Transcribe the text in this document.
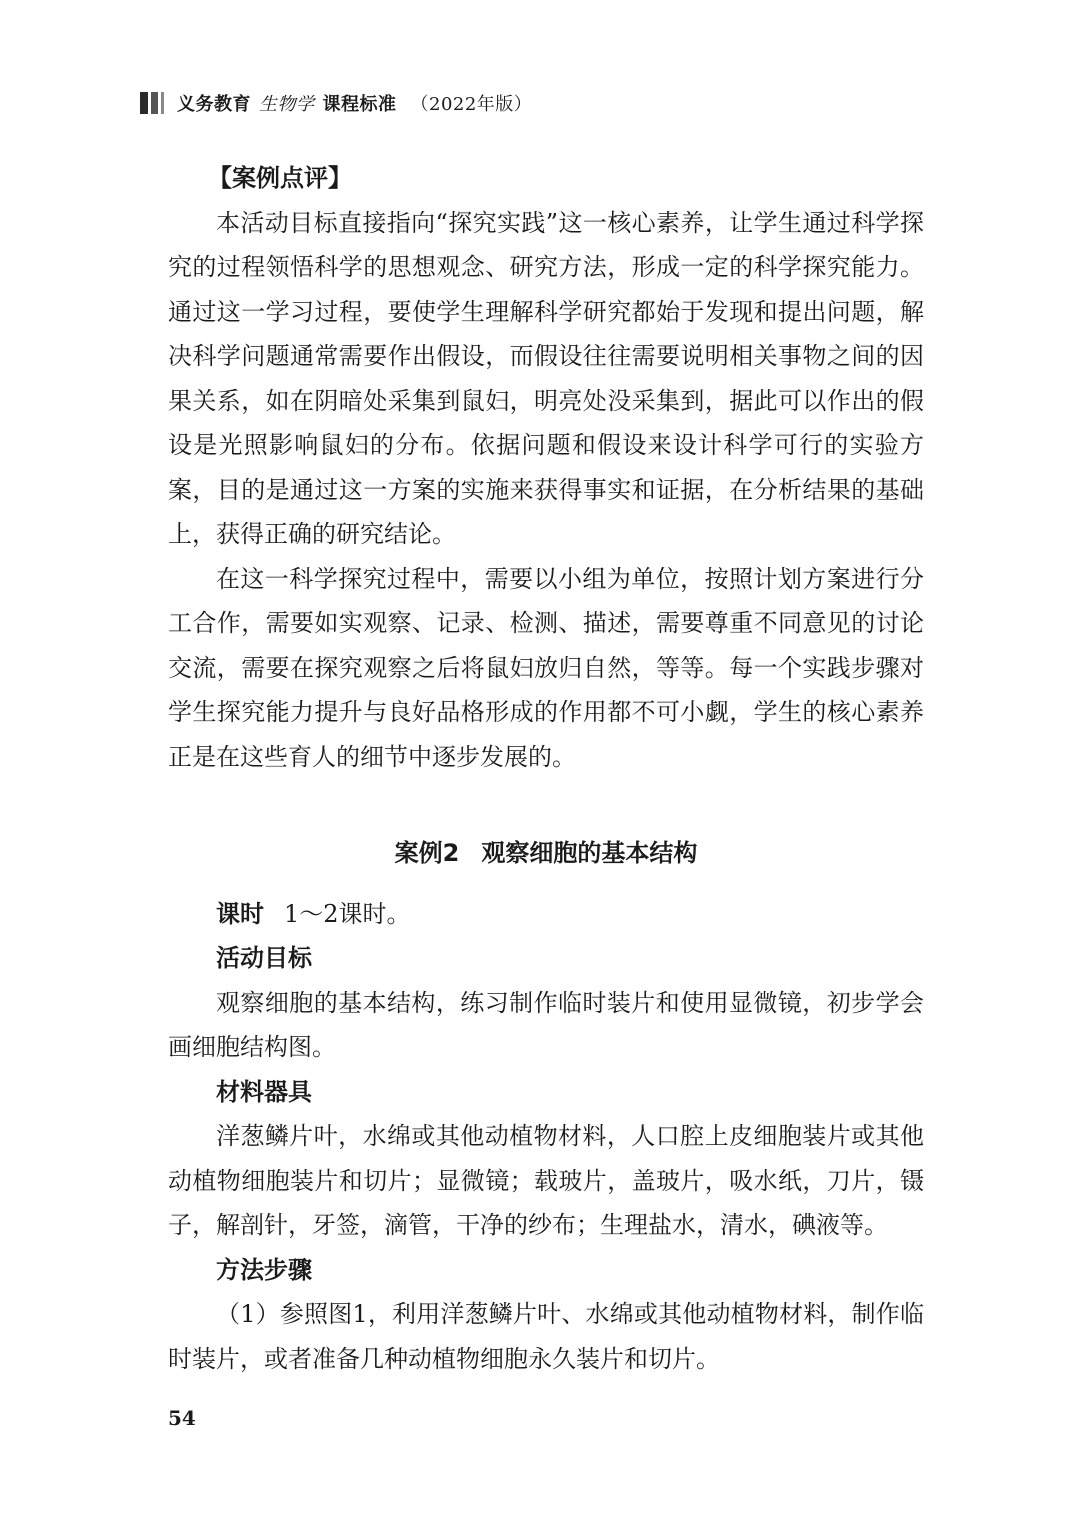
义务教育 生物学 课程标准 （2022年版）

【案例点评】

本活动目标直接指向“探究实践”这一核心素养，让学生通过科学探究的过程领悟科学的思想观念、研究方法，形成一定的科学探究能力。通过这一学习过程，要使学生理解科学研究都始于发现和提出问题，解决科学问题通常需要作出假设，而假设往往需要说明相关事物之间的因果关系，如在阴暗处采集到鼠妇，明亮处没采集到，据此可以作出的假设是光照影响鼠妇的分布。依据问题和假设来设计科学可行的实验方案，目的是通过这一方案的实施来获得事实和证据，在分析结果的基础上，获得正确的研究结论。

在这一科学探究过程中，需要以小组为单位，按照计划方案进行分工合作，需要如实观察、记录、检测、描述，需要尊重不同意见的讨论交流，需要在探究观察之后将鼠妇放归自然，等等。每一个实践步骤对学生探究能力提升与良好品格形成的作用都不可小觑，学生的核心素养正是在这些育人的细节中逐步发展的。

案例2 观察细胞的基本结构

课时 1～2课时。

活动目标

观察细胞的基本结构，练习制作临时装片和使用显微镜，初步学会画细胞结构图。

材料器具

洋葱鳞片叶，水绵或其他动植物材料，人口腔上皮细胞装片或其他动植物细胞装片和切片；显微镜；载玻片，盖玻片，吸水纸，刀片，镊子，解剖针，牙签，滴管，干净的纱布；生理盐水，清水，碘液等。

方法步骤

（1）参照图1，利用洋葱鳞片叶、水绵或其他动植物材料，制作临时装片，或者准备几种动植物细胞永久装片和切片。

54
